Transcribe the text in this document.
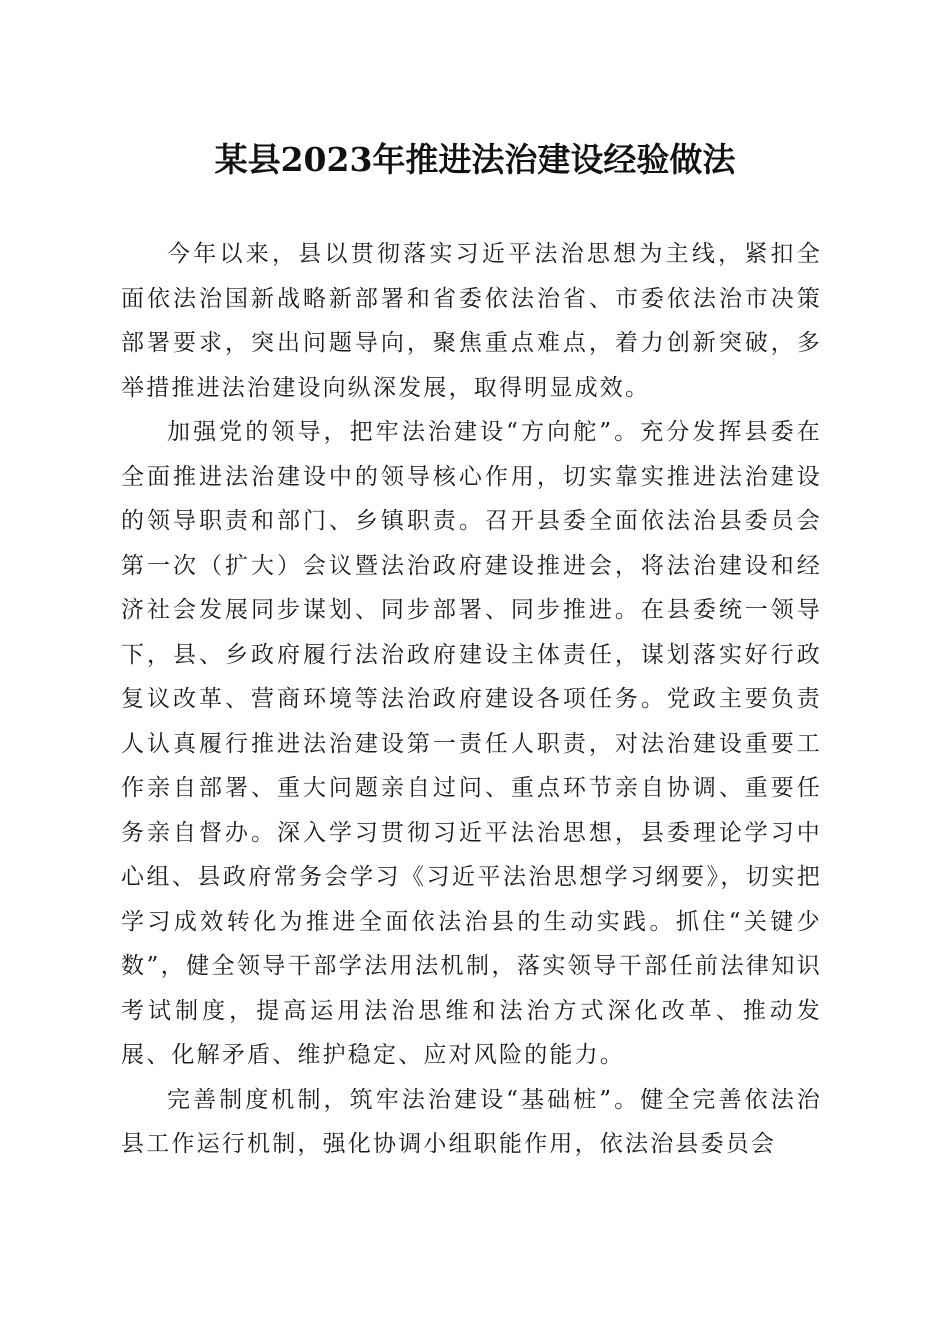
某县2023年推进法治建设经验做法

今年以来，县以贯彻落实习近平法治思想为主线，紧扣全面依法治国新战略新部署和省委依法治省、市委依法治市决策部署要求，突出问题导向，聚焦重点难点，着力创新突破，多举措推进法治建设向纵深发展，取得明显成效。

加强党的领导，把牢法治建设“方向舵”。充分发挥县委在全面推进法治建设中的领导核心作用，切实靠实推进法治建设的领导职责和部门、乡镇职责。召开县委全面依法治县委员会第一次（扩大）会议暨法治政府建设推进会，将法治建设和经济社会发展同步谋划、同步部署、同步推进。在县委统一领导下，县、乡政府履行法治政府建设主体责任，谋划落实好行政复议改革、营商环境等法治政府建设各项任务。党政主要负责人认真履行推进法治建设第一责任人职责，对法治建设重要工作亲自部署、重大问题亲自过问、重点环节亲自协调、重要任务亲自督办。深入学习贯彻习近平法治思想，县委理论学习中心组、县政府常务会学习《习近平法治思想学习纲要》，切实把学习成效转化为推进全面依法治县的生动实践。抓住“关键少数”，健全领导干部学法用法机制，落实领导干部任前法律知识考试制度，提高运用法治思维和法治方式深化改革、推动发展、化解矛盾、维护稳定、应对风险的能力。

完善制度机制，筑牢法治建设“基础桩”。健全完善依法治县工作运行机制，强化协调小组职能作用，依法治县委员会
